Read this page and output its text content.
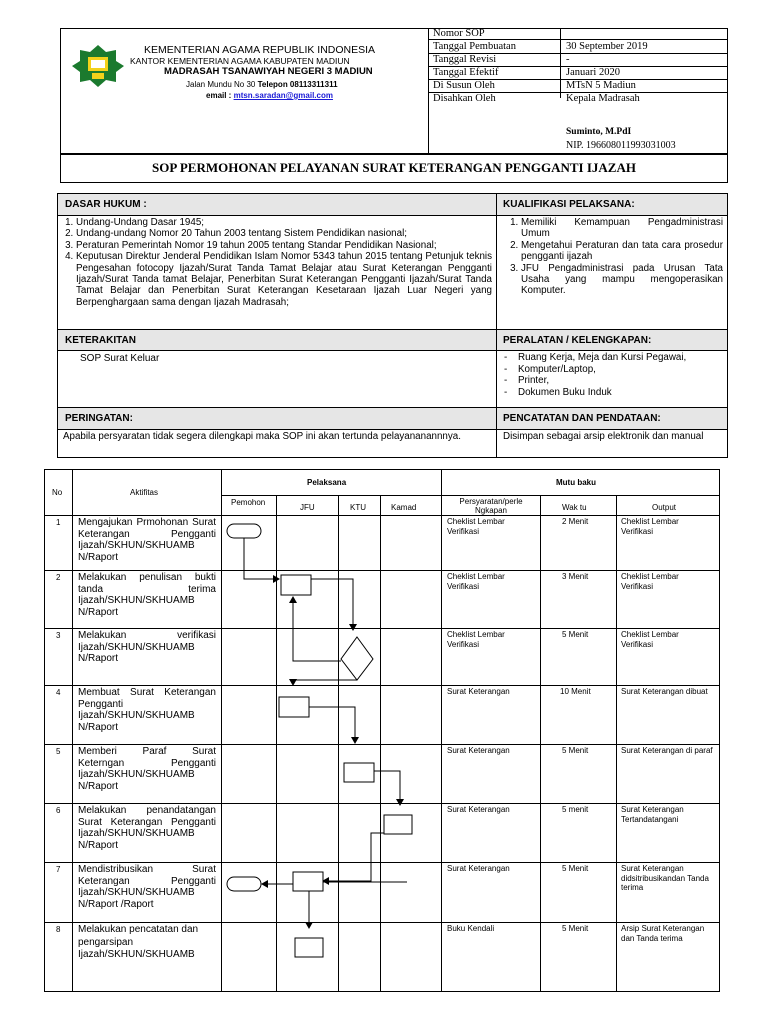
KEMENTERIAN AGAMA REPUBLIK INDONESIA
KANTOR KEMENTERIAN AGAMA KABUPATEN MADIUN
MADRASAH TSANAWIYAH NEGERI 3 MADIUN
Jalan Mundu No 30 Telepon 08113311311
email : mtsn.saradan@gmail.com
Nomor SOP
Tanggal Pembuatan	30 September 2019
Tanggal Revisi	-
Tanggal Efektif	Januari 2020
Di Susun Oleh	MTsN 5 Madiun
Disahkan Oleh	Kepala Madrasah
Suminto, M.PdI
NIP. 196608011993031003
SOP PERMOHONAN PELAYANAN SURAT KETERANGAN PENGGANTI IJAZAH
DASAR HUKUM :	KUALIFIKASI PELAKSANA:
1. Undang-Undang Dasar 1945;
2. Undang-undang Nomor 20 Tahun 2003 tentang Sistem Pendidikan nasional;
3. Peraturan Pemerintah Nomor 19 tahun 2005 tentang Standar Pendidikan Nasional;
4. Keputusan Direktur Jenderal Pendidikan Islam Nomor 5343 tahun 2015 tentang Petunjuk teknis Pengesahan fotocopy Ijazah/Surat Tanda Tamat Belajar atau Surat Keterangan Pengganti Ijazah/Surat Tanda tamat Belajar, Penerbitan Surat Keterangan Pengganti Ijazah/Surat Tanda Tamat Belajar dan Penerbitan Surat Keterangan Kesetaraan Ijazah Luar Negeri yang Berpenghargaan sama dengan Ijazah Madrasah;
1. Memiliki Kemampuan Pengadministrasi Umum
2. Mengetahui Peraturan dan tata cara prosedur pengganti ijazah
3. JFU Pengadministrasi pada Urusan Tata Usaha yang mampu mengoperasikan Komputer.
KETERAKITAN	PERALATAN / KELENGKAPAN:
SOP Surat Keluar
-	Ruang Kerja, Meja dan Kursi Pegawai,
- Komputer/Laptop,
- Printer,
- Dokumen Buku Induk
PERINGATAN:	PENCATATAN DAN PENDATAAN:
Apabila persyaratan tidak segera dilengkapi maka SOP ini akan tertunda pelayananannnya.	Disimpan sebagai arsip elektronik dan manual
No	Aktifitas
Pelaksana	Mutu baku
Pemohon
JFU	KTU	Kamad
Persyaratan/perle
Ngkapan	Wak tu	Output
1 Mengajukan Prmohonan Surat Keterangan Pengganti Ijazah/SKHUN/SKHUAMB N/Raport
Cheklist Lembar Verifikasi
2 Menit	Cheklist Lembar Verifikasi
2 Melakukan penulisan bukti tanda terima Ijazah/SKHUN/SKHUAMB N/Raport
Cheklist Lembar Verifikasi
3 Menit	Cheklist Lembar Verifikasi
3 Melakukan verifikasi Ijazah/SKHUN/SKHUAMB N/Raport
Cheklist Lembar Verifikasi
5 Menit	Cheklist Lembar Verifikasi
4 Membuat Surat Keterangan Pengganti Ijazah/SKHUN/SKHUAMB N/Raport
Surat Keterangan	10 Menit	Surat Keterangan dibuat
5 Memberi Paraf Surat Keterngan Pengganti Ijazah/SKHUN/SKHUAMB N/Raport
Surat Keterangan	5 Menit	Surat Keterangan di paraf
6 Melakukan penandatangan Surat Keterangan Pengganti Ijazah/SKHUN/SKHUAMB N/Raport
Surat Keterangan	5 menit	Surat Keterangan Tertandatangani
7 Mendistribusikan Surat Keterangan Pengganti Ijazah/SKHUN/SKHUAMB N/Raport /Raport
Surat Keterangan	5 Menit	Surat Keterangan didsitribusikandan Tanda terima
8 Melakukan pencatatan dan pengarsipan Ijazah/SKHUN/SKHUAMB
Buku Kendali	5 Menit	Arsip Surat Keterangan dan Tanda terima
